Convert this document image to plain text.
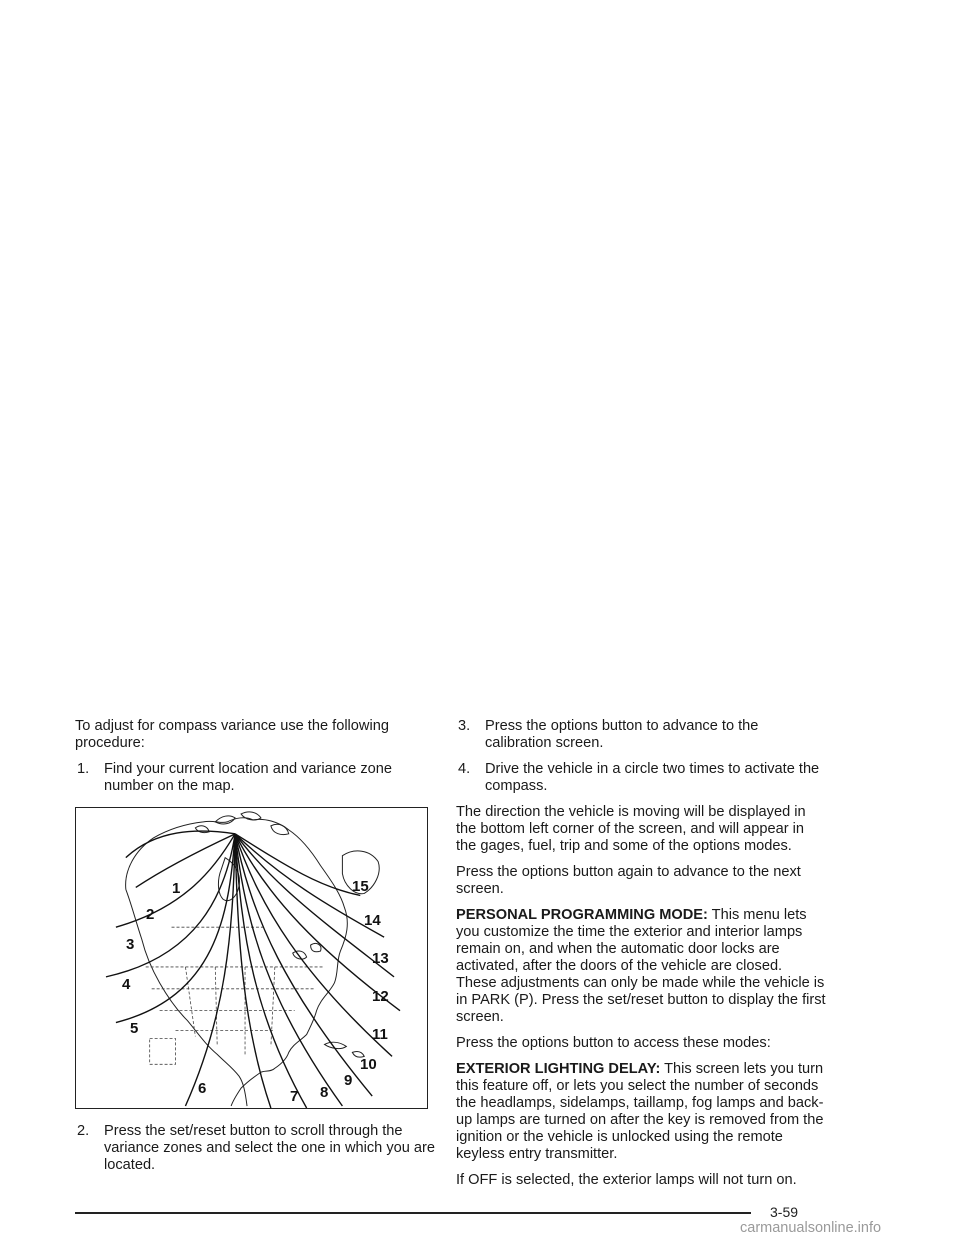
To adjust for compass variance use the following procedure:

1.	Find your current location and variance zone number on the map.
1
2
3
4
5
6	7 8
9
10
11
12
13
14
15
2.	Press the set/reset button to scroll through the variance zones and select the one in which you are located.
3.	Press the options button to advance to the calibration screen.
4.	Drive the vehicle in a circle two times to activate the compass.

The direction the vehicle is moving will be displayed in the bottom left corner of the screen, and will appear in the gages, fuel, trip and some of the options modes.

Press the options button again to advance to the next screen.

PERSONAL PROGRAMMING MODE: This menu lets you customize the time the exterior and interior lamps remain on, and when the automatic door locks are activated, after the doors of the vehicle are closed. These adjustments can only be made while the vehicle is in PARK (P). Press the set/reset button to display the first screen.

Press the options button to access these modes:

EXTERIOR LIGHTING DELAY: This screen lets you turn this feature off, or lets you select the number of seconds the headlamps, sidelamps, taillamp, fog lamps and back-up lamps are turned on after the key is removed from the ignition or the vehicle is unlocked using the remote keyless entry transmitter.

If OFF is selected, the exterior lamps will not turn on.

3-59
carmanualsonline.info
